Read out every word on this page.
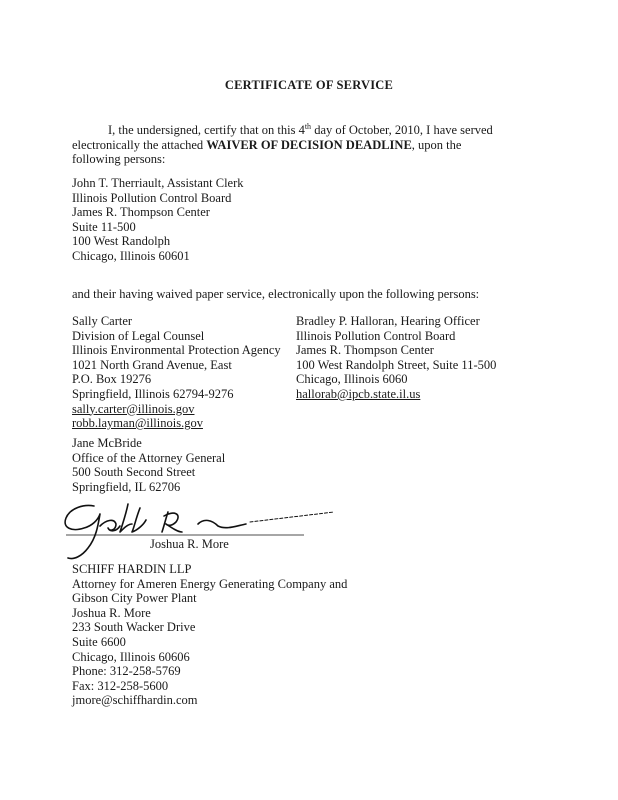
CERTIFICATE OF SERVICE
I, the undersigned, certify that on this 4th day of October, 2010, I have served electronically the attached WAIVER OF DECISION DEADLINE, upon the following persons:
John T. Therriault, Assistant Clerk
Illinois Pollution Control Board
James R. Thompson Center
Suite 11-500
100 West Randolph
Chicago, Illinois 60601
and their having waived paper service, electronically upon the following persons:
Sally Carter
Division of Legal Counsel
Illinois Environmental Protection Agency
1021 North Grand Avenue, East
P.O. Box 19276
Springfield, Illinois 62794-9276
sally.carter@illinois.gov
robb.layman@illinois.gov
Bradley P. Halloran, Hearing Officer
Illinois Pollution Control Board
James R. Thompson Center
100 West Randolph Street, Suite 11-500
Chicago, Illinois 6060
hallorab@ipcb.state.il.us
Jane McBride
Office of the Attorney General
500 South Second Street
Springfield, IL 62706
Joshua R. More
SCHIFF HARDIN LLP
Attorney for Ameren Energy Generating Company and
Gibson City Power Plant
Joshua R. More
233 South Wacker Drive
Suite 6600
Chicago, Illinois 60606
Phone: 312-258-5769
Fax: 312-258-5600
jmore@schiffhardin.com
